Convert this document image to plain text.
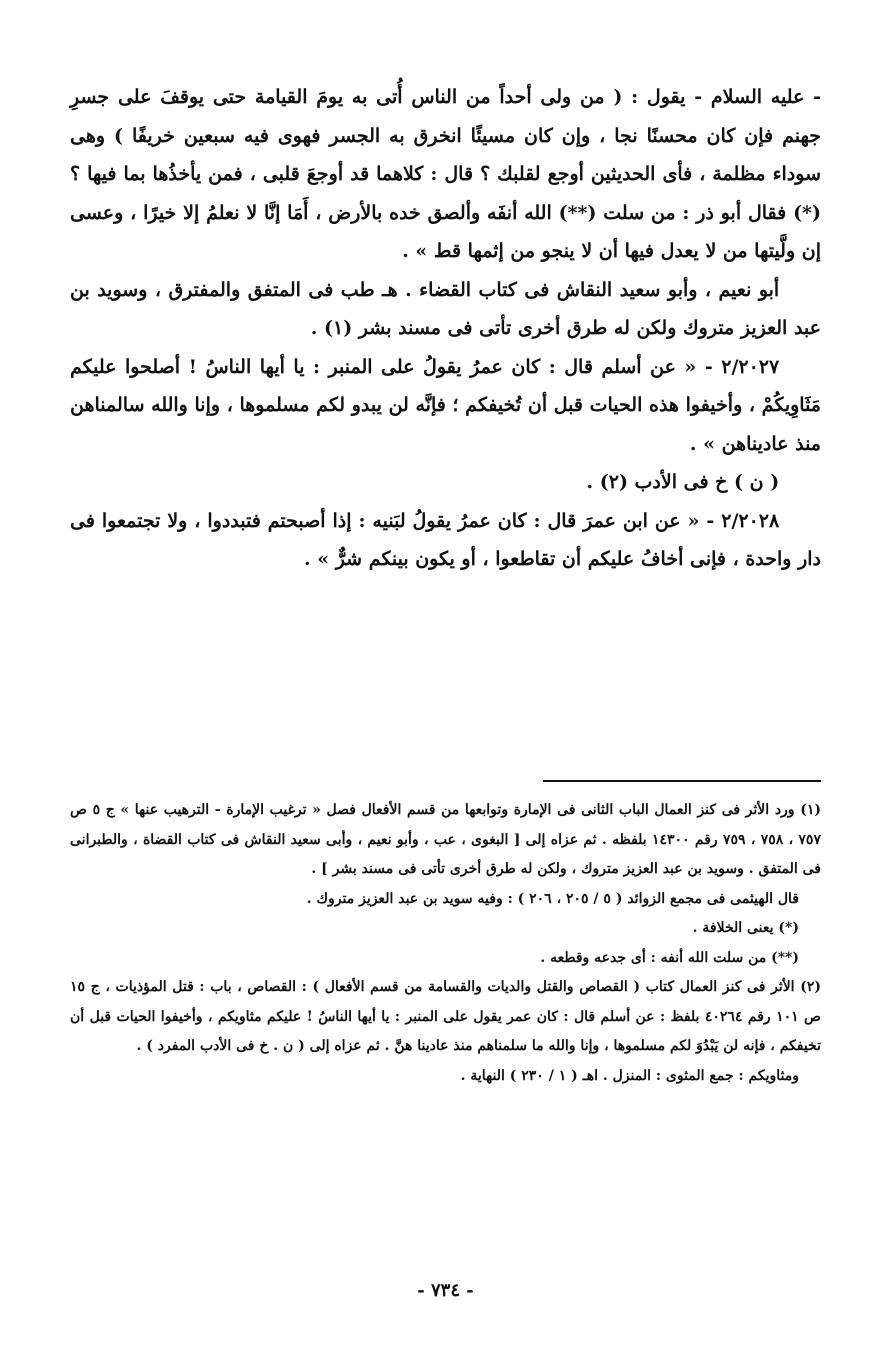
- عليه السلام - يقول : ( من ولى أحداً من الناس أُتى به يومَ القيامة حتى يوقفَ على جسرِ جهنم فإن كان محسنًا نجا ، وإن كان مسيئًا انخرق به الجسر فهوى فيه سبعين خريفًا ) وهى سوداء مظلمة ، فأى الحديثين أوجع لقلبك ؟ قال : كلاهما قد أوجعَ قلبى ، فمن يأخذُها بما فيها ؟ (*) فقال أبو ذر : من سلت (**) الله أنفَه وألصق خده بالأرض ، أَمَا إنَّا لا نعلمُ إلا خيرًا ، وعسى إن ولَّيتها من لا يعدل فيها أن لا ينجو من إثمها قط » .

أبو نعيم ، وأبو سعيد النقاش فى كتاب القضاء . هـ طب فى المتفق والمفترق ، وسويد بن عبد العزيز متروك ولكن له طرق أخرى تأتى فى مسند بشر (١) .

٢/٢٠٢٧ - « عن أسلم قال : كان عمرُ يقولُ على المنبر : يا أيها الناسُ ! أصلحوا عليكم مَثَاوِيكُمْ ، وأخيفوا هذه الحيات قبل أن تُخيفكم ؛ فإنَّه لن يبدو لكم مسلموها ، وإنا والله سالمناهن منذ عاديناهن » .

( ن ) خ فى الأدب (٢) .

٢/٢٠٢٨ - « عن ابن عمرَ قال : كان عمرُ يقولُ لبَنيه : إذا أصبحتم فتبددوا ، ولا تجتمعوا فى دار واحدة ، فإنى أخافُ عليكم أن تقاطعوا ، أو يكون بينكم شرٌّ » .

(١) ورد الأثر فى كنز العمال الباب الثانى فى الإمارة وتوابعها من قسم الأفعال فصل « ترغيب الإمارة - الترهيب عنها » ج ٥ ص ٧٥٧ ، ٧٥٨ ، ٧٥٩ رقم ١٤٣٠٠ بلفظه . ثم عزاه إلى [ البغوى ، عب ، وأبو نعيم ، وأبى سعيد النقاش فى كتاب القضاة ، والطبرانى فى المتفق . وسويد بن عبد العزيز متروك ، ولكن له طرق أخرى تأتى فى مسند بشر ] .

قال الهيثمى فى مجمع الزوائد ( ٥ / ٢٠٥ ، ٢٠٦ ) : وفيه سويد بن عبد العزيز متروك .

(*) يعنى الخلافة .

(**) من سلت الله أنفه : أى جدعه وقطعه .

(٢) الأثر فى كنز العمال كتاب ( القصاص والقتل والديات والقسامة من قسم الأفعال ) : القصاص ، باب : قتل المؤذيات ، ج ١٥ ص ١٠١ رقم ٤٠٢٦٤ بلفظ : عن أسلم قال : كان عمر يقول على المنبر : يا أيها الناسُ ! عليكم مثاويكم ، وأخيفوا الحيات قبل أن تخيفكم ، فإنه لن يَبْدُوَ لكم مسلموها ، وإنا والله ما سلمناهم منذ عادينا هنَّ . ثم عزاه إلى ( ن . خ فى الأدب المفرد ) .

ومثاويكم : جمع المثوى : المنزل . اهـ ( ١ / ٢٣٠ ) النهاية .

- ٧٣٤ -
